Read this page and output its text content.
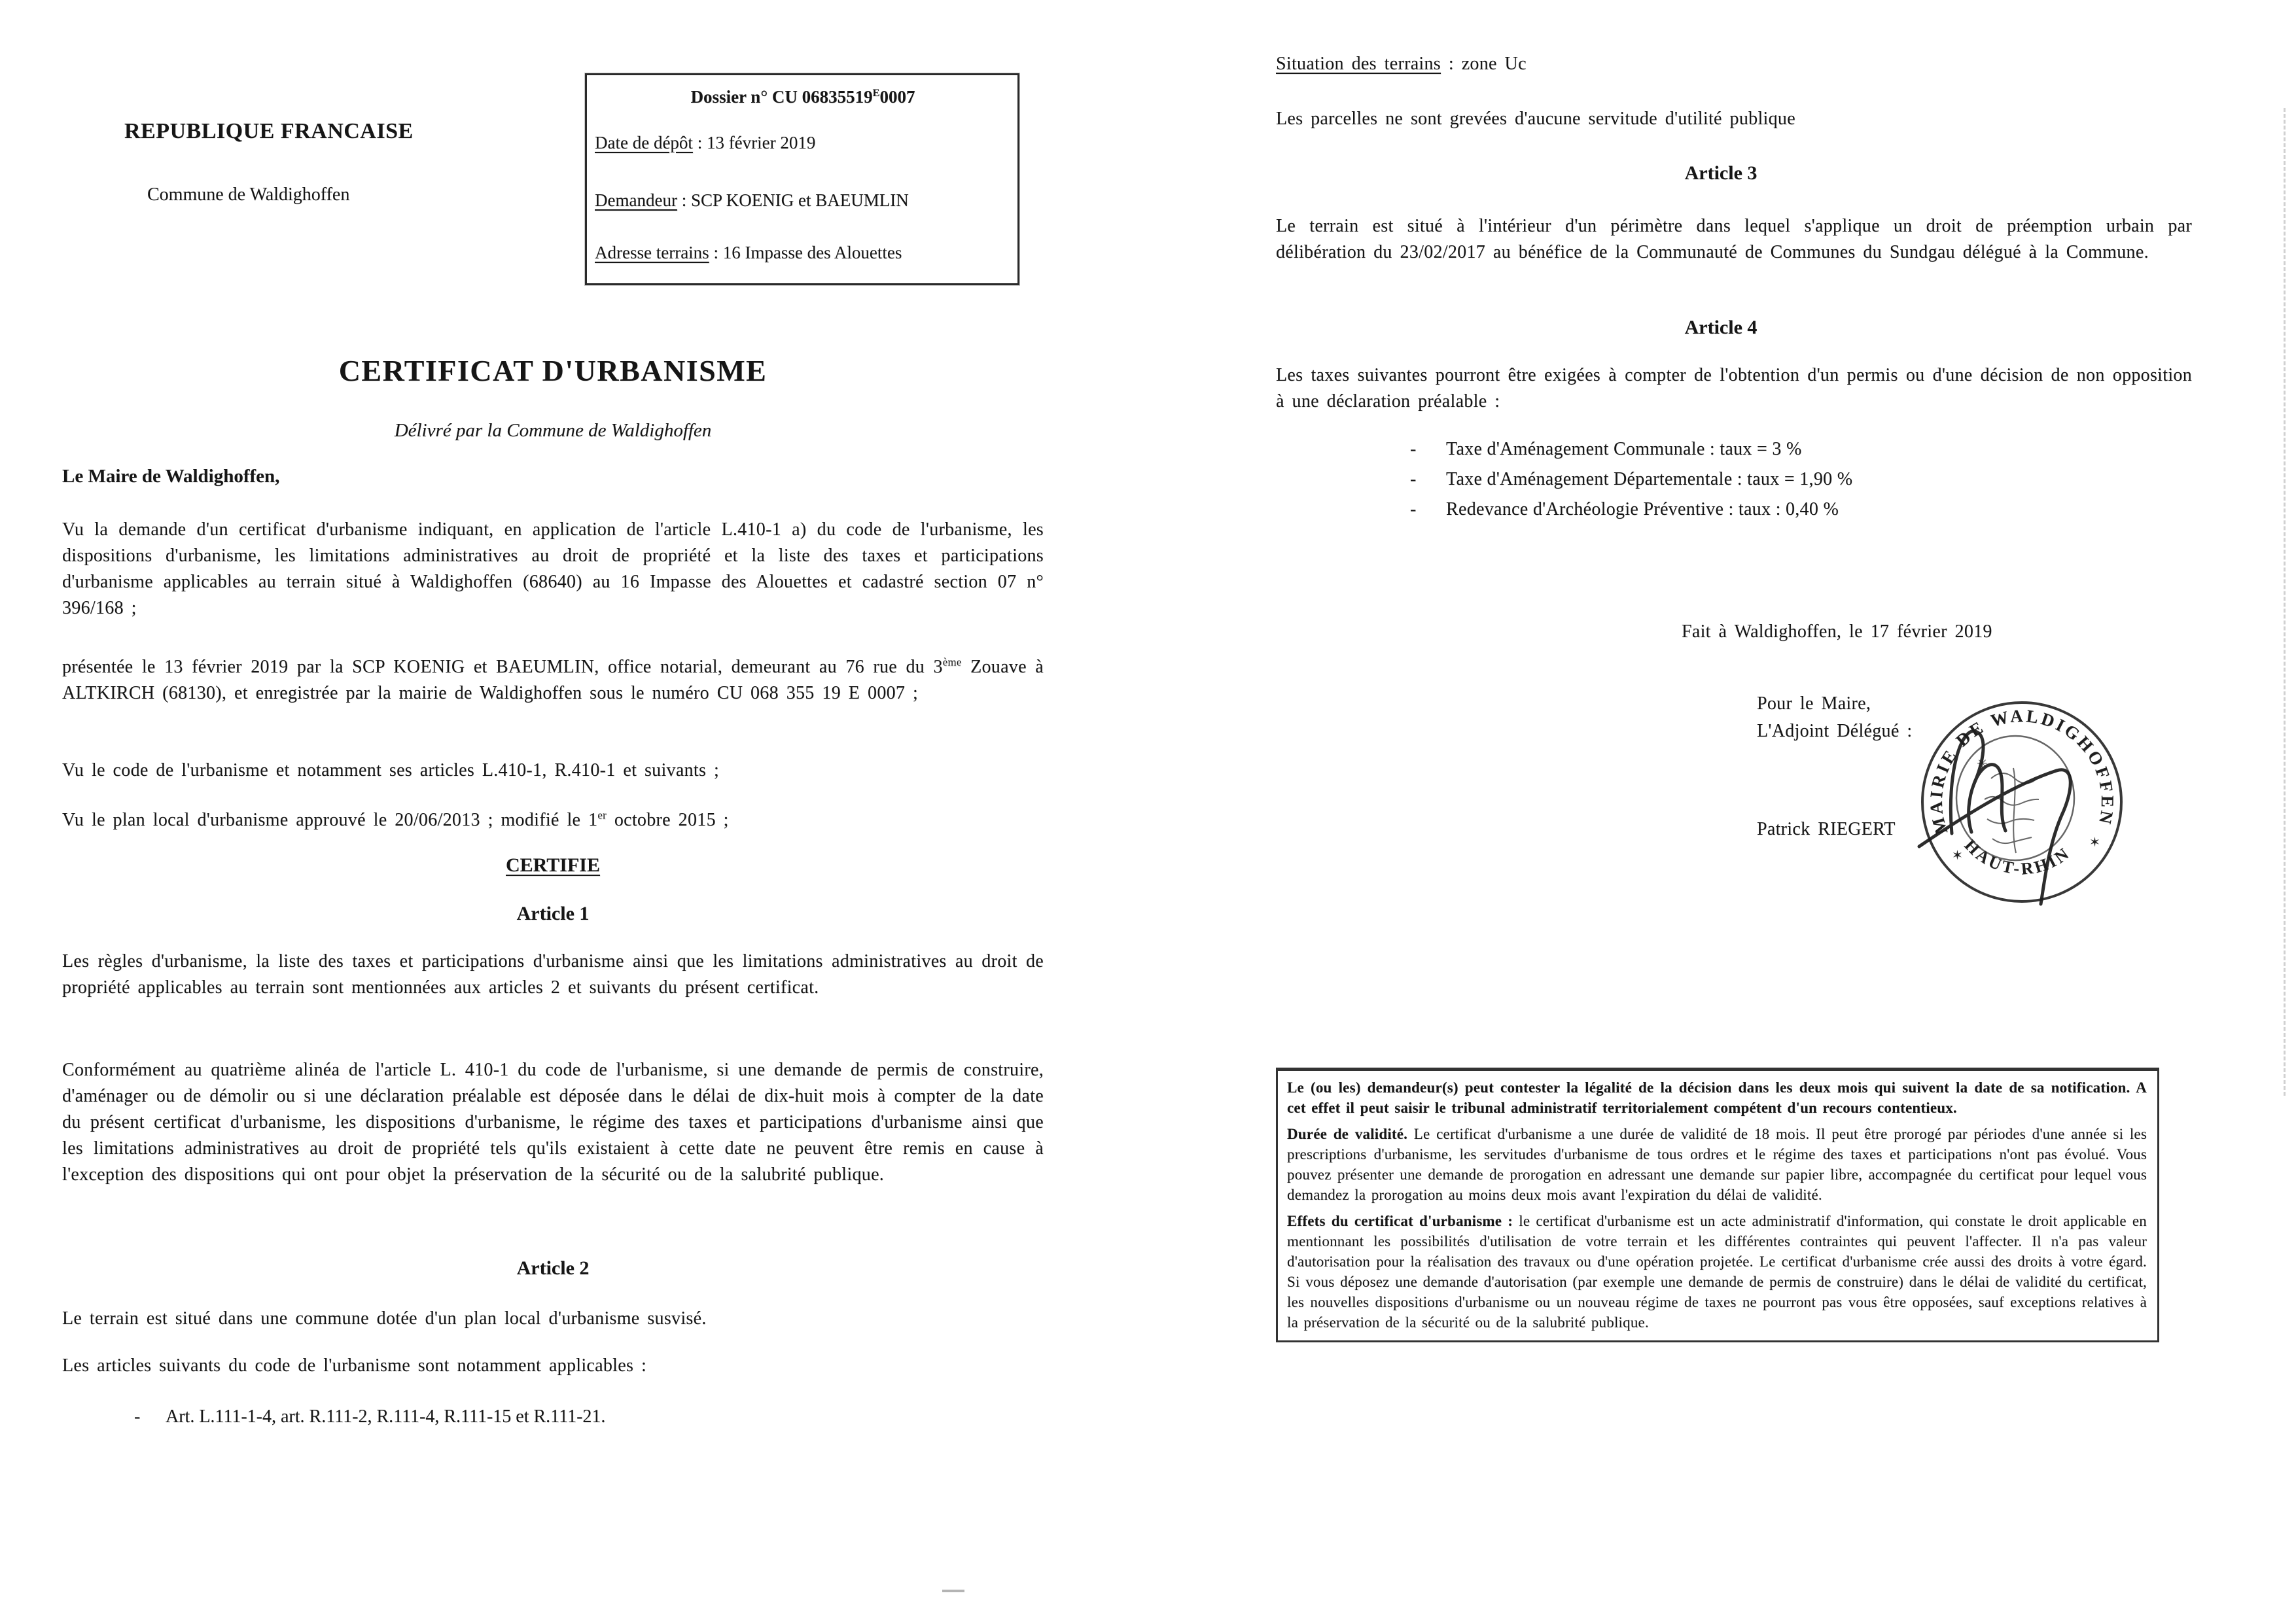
REPUBLIQUE FRANCAISE
Commune de Waldighoffen
Dossier n° CU $06835519^E0007$
Date de dépôt : 13 février 2019
Demandeur : SCP KOENIG et BAEUMLIN
Adresse terrains : 16 Impasse des Alouettes
CERTIFICAT D'URBANISME
Délivré par la Commune de Waldighoffen
Le Maire de Waldighoffen,
Vu la demande d'un certificat d'urbanisme indiquant, en application de l'article L.410-1 a) du code de l'urbanisme, les dispositions d'urbanisme, les limitations administratives au droit de propriété et la liste des taxes et participations d'urbanisme applicables au terrain situé à Waldighoffen (68640) au 16 Impasse des Alouettes et cadastré section 07 n° 396/168 ;
présentée le 13 février 2019 par la SCP KOENIG et BAEUMLIN, office notarial, demeurant au 76 rue du 3ème Zouave à ALTKIRCH (68130), et enregistrée par la mairie de Waldighoffen sous le numéro CU 068 355 19 E 0007 ;
Vu le code de l'urbanisme et notamment ses articles L.410-1, R.410-1 et suivants ;
Vu le plan local d'urbanisme approuvé le 20/06/2013 ; modifié le 1er octobre 2015 ;
CERTIFIE
Article 1
Les règles d'urbanisme, la liste des taxes et participations d'urbanisme ainsi que les limitations administratives au droit de propriété applicables au terrain sont mentionnées aux articles 2 et suivants du présent certificat.
Conformément au quatrième alinéa de l'article L. 410-1 du code de l'urbanisme, si une demande de permis de construire, d'aménager ou de démolir ou si une déclaration préalable est déposée dans le délai de dix-huit mois à compter de la date du présent certificat d'urbanisme, les dispositions d'urbanisme, le régime des taxes et participations d'urbanisme ainsi que les limitations administratives au droit de propriété tels qu'ils existaient à cette date ne peuvent être remis en cause à l'exception des dispositions qui ont pour objet la préservation de la sécurité ou de la salubrité publique.
Article 2
Le terrain est situé dans une commune dotée d'un plan local d'urbanisme susvisé.
Les articles suivants du code de l'urbanisme sont notamment applicables :
- Art. L.111-1-4, art. R.111-2, R.111-4, R.111-15 et R.111-21.
Situation des terrains : zone Uc
Les parcelles ne sont grevées d'aucune servitude d'utilité publique
Article 3
Le terrain est situé à l'intérieur d'un périmètre dans lequel s'applique un droit de préemption urbain par délibération du 23/02/2017 au bénéfice de la Communauté de Communes du Sundgau délégué à la Commune.
Article 4
Les taxes suivantes pourront être exigées à compter de l'obtention d'un permis ou d'une décision de non opposition à une déclaration préalable :
- Taxe d'Aménagement Communale : taux = 3 %
- Taxe d'Aménagement Départementale : taux = 1,90 %
- Redevance d'Archéologie Préventive : taux : 0,40 %
Fait à Waldighoffen, le 17 février 2019
Pour le Maire,
L'Adjoint Délégué :
Patrick RIEGERT MAIRIE DE WALDIGHOFFEN
HAUT-RHIN
✶
✶
✳

Le (ou les) demandeur(s) peut contester la légalité de la décision dans les deux mois qui suivent la date de sa notification. A cet effet il peut saisir le tribunal administratif territorialement compétent d'un recours contentieux.

Durée de validité. Le certificat d'urbanisme a une durée de validité de 18 mois. Il peut être prorogé par périodes d'une année si les prescriptions d'urbanisme, les servitudes d'urbanisme de tous ordres et le régime des taxes et participations n'ont pas évolué. Vous pouvez présenter une demande de prorogation en adressant une demande sur papier libre, accompagnée du certificat pour lequel vous demandez la prorogation au moins deux mois avant l'expiration du délai de validité.

Effets du certificat d'urbanisme : le certificat d'urbanisme est un acte administratif d'information, qui constate le droit applicable en mentionnant les possibilités d'utilisation de votre terrain et les différentes contraintes qui peuvent l'affecter. Il n'a pas valeur d'autorisation pour la réalisation des travaux ou d'une opération projetée. Le certificat d'urbanisme crée aussi des droits à votre égard. Si vous déposez une demande d'autorisation (par exemple une demande de permis de construire) dans le délai de validité du certificat, les nouvelles dispositions d'urbanisme ou un nouveau régime de taxes ne pourront pas vous être opposées, sauf exceptions relatives à la préservation de la sécurité ou de la salubrité publique.
